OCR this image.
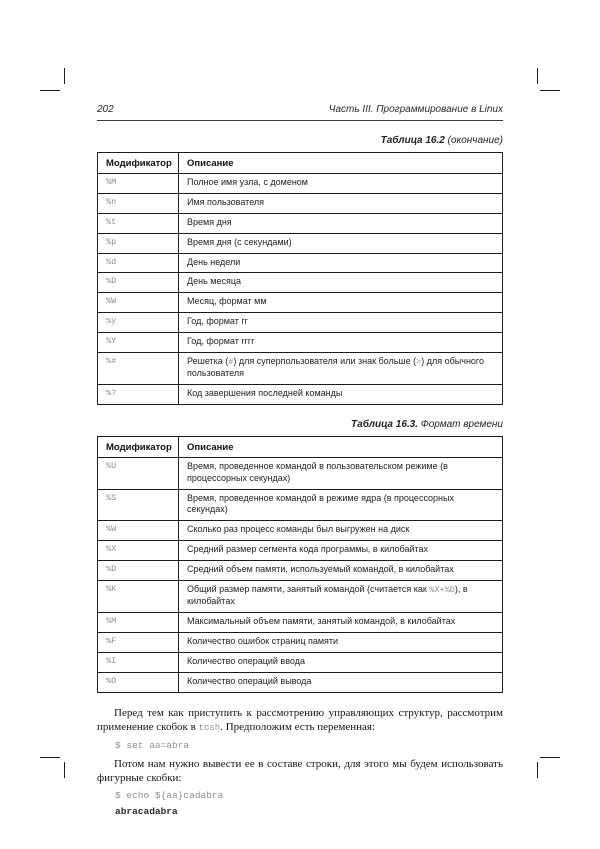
202	Часть III. Программирование в Linux
Таблица 16.2 (окончание)
Модификатор	Описание
%M	Полное имя узла, с доменом
%n	Имя пользователя
%t	Время дня
%p	Время дня (с секундами)
%d	День недели
%D	День месяца
%W	Месяц, формат мм
%y	Год, формат гг
%Y	Год, формат гггг
%#	Решетка (#) для суперпользователя или знак больше (>) для обычного пользователя
%?	Код завершения последней команды
Таблица 16.3. Формат времени
Модификатор	Описание
%U	Время, проведенное командой в пользовательском режиме (в процессорных секундах)
%S	Время, проведенное командой в режиме ядра (в процессорных секундах)
%W	Сколько раз процесс команды был выгружен на диск
%X	Средний размер сегмента кода программы, в килобайтах
%D	Средний объем памяти, используемый командой, в килобайтах
%K	Общий размер памяти, занятый командой (считается как %X+%D), в килобайтах
%M	Максимальный объем памяти, занятый командой, в килобайтах
%F	Количество ошибок страниц памяти
%I	Количество операций ввода
%O	Количество операций вывода

Перед тем как приступить к рассмотрению управляющих структур, рассмотрим применение скобок в tcsh. Предположим есть переменная:

$ set aa=abra

Потом нам нужно вывести ее в составе строки, для этого мы будем использовать фигурные скобки:

$ echo ${aa}cadabra
abracadabra
